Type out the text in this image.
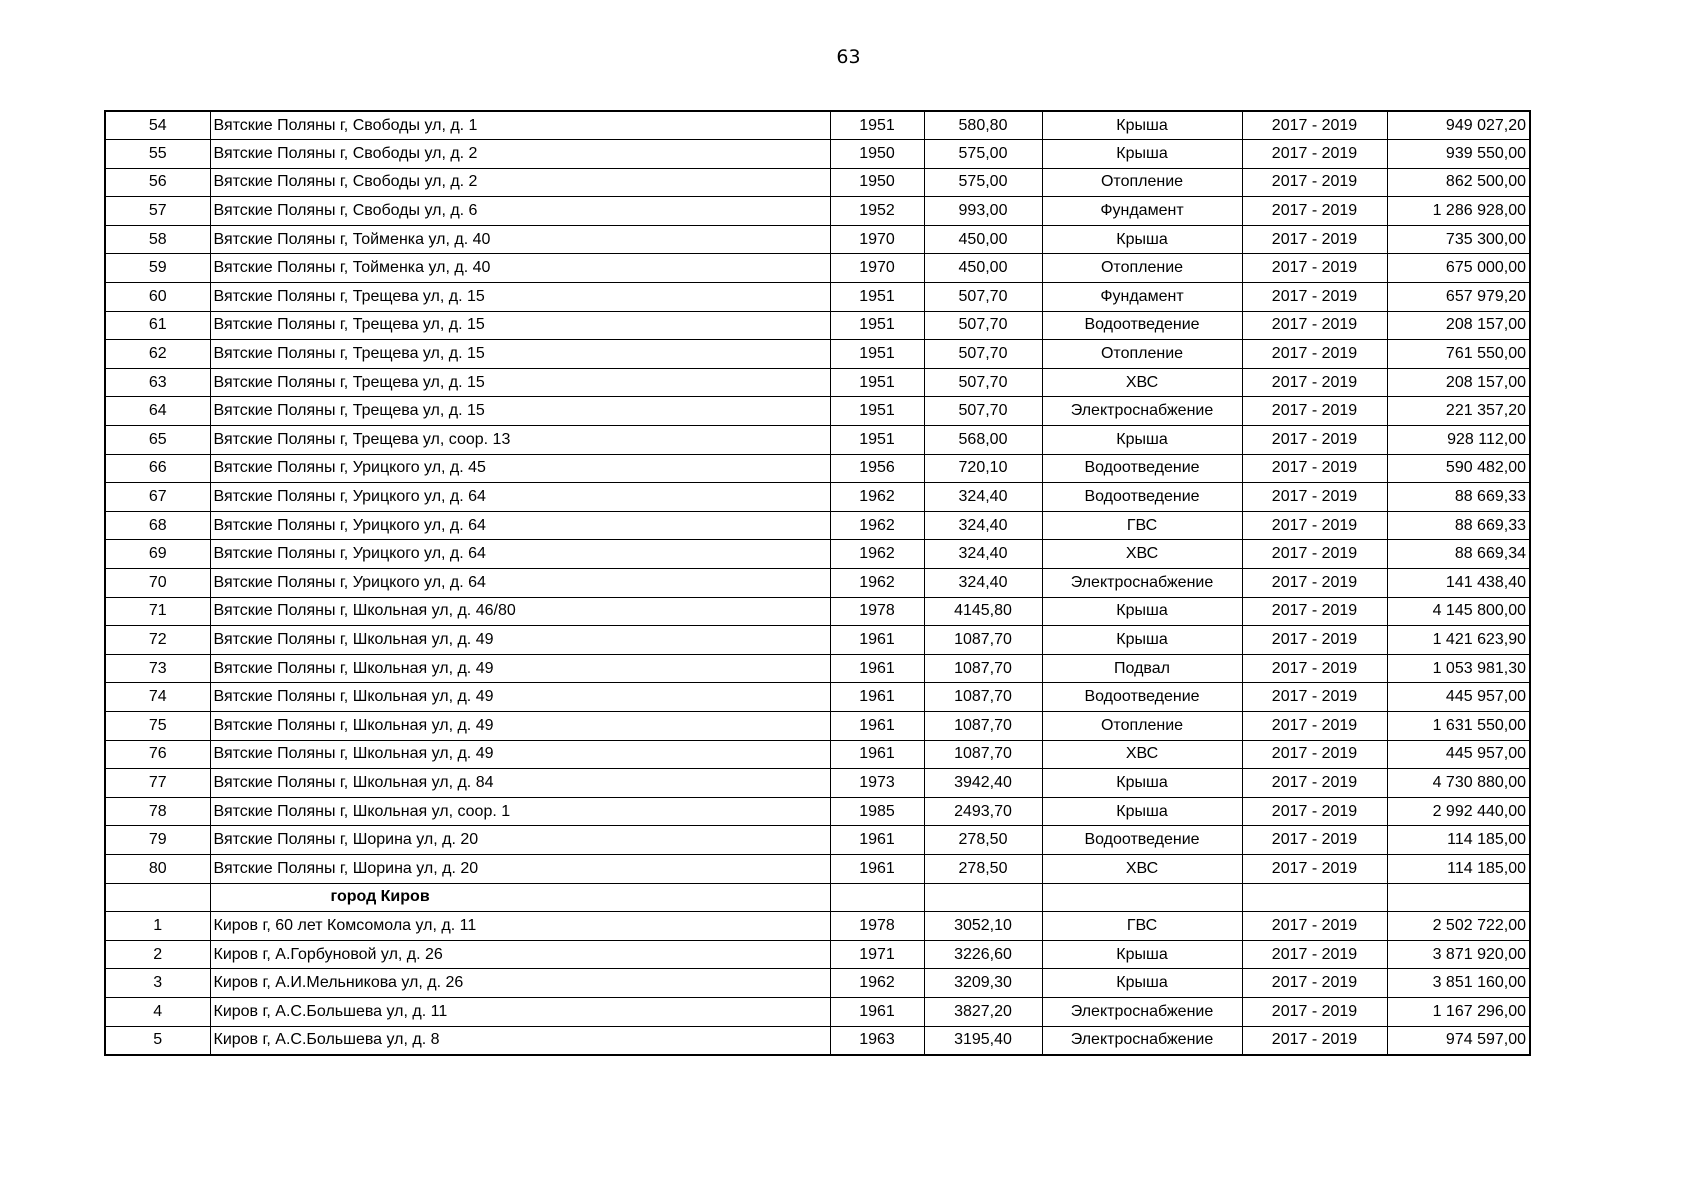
63
54	Вятские Поляны г, Свободы ул, д. 1	1951	580,80	Крыша	2017 - 2019	949 027,20
55	Вятские Поляны г, Свободы ул, д. 2	1950	575,00	Крыша	2017 - 2019	939 550,00
56	Вятские Поляны г, Свободы ул, д. 2	1950	575,00	Отопление	2017 - 2019	862 500,00
57	Вятские Поляны г, Свободы ул, д. 6	1952	993,00	Фундамент	2017 - 2019	1 286 928,00
58	Вятские Поляны г, Тойменка ул, д. 40	1970	450,00	Крыша	2017 - 2019	735 300,00
59	Вятские Поляны г, Тойменка ул, д. 40	1970	450,00	Отопление	2017 - 2019	675 000,00
60	Вятские Поляны г, Трещева ул, д. 15	1951	507,70	Фундамент	2017 - 2019	657 979,20
61	Вятские Поляны г, Трещева ул, д. 15	1951	507,70	Водоотведение	2017 - 2019	208 157,00
62	Вятские Поляны г, Трещева ул, д. 15	1951	507,70	Отопление	2017 - 2019	761 550,00
63	Вятские Поляны г, Трещева ул, д. 15	1951	507,70	ХВС	2017 - 2019	208 157,00
64	Вятские Поляны г, Трещева ул, д. 15	1951	507,70	Электроснабжение	2017 - 2019	221 357,20
65	Вятские Поляны г, Трещева ул, соор. 13	1951	568,00	Крыша	2017 - 2019	928 112,00
66	Вятские Поляны г, Урицкого ул, д. 45	1956	720,10	Водоотведение	2017 - 2019	590 482,00
67	Вятские Поляны г, Урицкого ул, д. 64	1962	324,40	Водоотведение	2017 - 2019	88 669,33
68	Вятские Поляны г, Урицкого ул, д. 64	1962	324,40	ГВС	2017 - 2019	88 669,33
69	Вятские Поляны г, Урицкого ул, д. 64	1962	324,40	ХВС	2017 - 2019	88 669,34
70	Вятские Поляны г, Урицкого ул, д. 64	1962	324,40	Электроснабжение	2017 - 2019	141 438,40
71	Вятские Поляны г, Школьная ул, д. 46/80	1978	4145,80	Крыша	2017 - 2019	4 145 800,00
72	Вятские Поляны г, Школьная ул, д. 49	1961	1087,70	Крыша	2017 - 2019	1 421 623,90
73	Вятские Поляны г, Школьная ул, д. 49	1961	1087,70	Подвал	2017 - 2019	1 053 981,30
74	Вятские Поляны г, Школьная ул, д. 49	1961	1087,70	Водоотведение	2017 - 2019	445 957,00
75	Вятские Поляны г, Школьная ул, д. 49	1961	1087,70	Отопление	2017 - 2019	1 631 550,00
76	Вятские Поляны г, Школьная ул, д. 49	1961	1087,70	ХВС	2017 - 2019	445 957,00
77	Вятские Поляны г, Школьная ул, д. 84	1973	3942,40	Крыша	2017 - 2019	4 730 880,00
78	Вятские Поляны г, Школьная ул, соор. 1	1985	2493,70	Крыша	2017 - 2019	2 992 440,00
79	Вятские Поляны г, Шорина ул, д. 20	1961	278,50	Водоотведение	2017 - 2019	114 185,00
80	Вятские Поляны г, Шорина ул, д. 20	1961	278,50	ХВС	2017 - 2019	114 185,00
	город Киров					
1	Киров г, 60 лет Комсомола ул, д. 11	1978	3052,10	ГВС	2017 - 2019	2 502 722,00
2	Киров г, А.Горбуновой ул, д. 26	1971	3226,60	Крыша	2017 - 2019	3 871 920,00
3	Киров г, А.И.Мельникова ул, д. 26	1962	3209,30	Крыша	2017 - 2019	3 851 160,00
4	Киров г, А.С.Большева ул, д. 11	1961	3827,20	Электроснабжение	2017 - 2019	1 167 296,00
5	Киров г, А.С.Большева ул, д. 8	1963	3195,40	Электроснабжение	2017 - 2019	974 597,00
